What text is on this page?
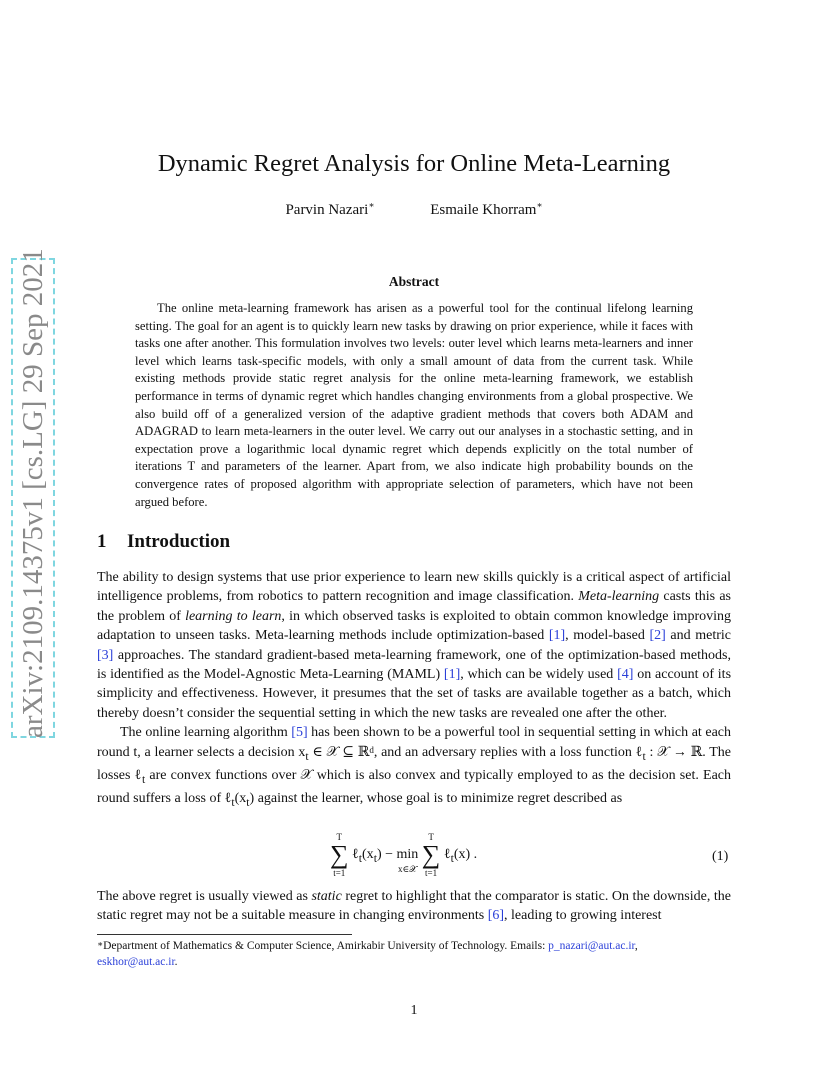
arXiv:2109.14375v1 [cs.LG] 29 Sep 2021
Dynamic Regret Analysis for Online Meta-Learning
Parvin Nazari∗	Esmaile Khorram∗
Abstract

The online meta-learning framework has arisen as a powerful tool for the continual lifelong learning setting. The goal for an agent is to quickly learn new tasks by drawing on prior experience, while it faces with tasks one after another. This formulation involves two levels: outer level which learns meta-learners and inner level which learns task-specific models, with only a small amount of data from the current task. While existing methods provide static regret analysis for the online meta-learning framework, we establish performance in terms of dynamic regret which handles changing environments from a global prospective. We also build off of a generalized version of the adaptive gradient methods that covers both ADAM and ADAGRAD to learn meta-learners in the outer level. We carry out our analyses in a stochastic setting, and in expectation prove a logarithmic local dynamic regret which depends explicitly on the total number of iterations T and parameters of the learner. Apart from, we also indicate high probability bounds on the convergence rates of proposed algorithm with appropriate selection of parameters, which have not been argued before.

1 Introduction

The ability to design systems that use prior experience to learn new skills quickly is a critical aspect of artificial intelligence problems, from robotics to pattern recognition and image classification. Meta-learning casts this as the problem of learning to learn, in which observed tasks is exploited to obtain common knowledge improving adaptation to unseen tasks. Meta-learning methods include optimization-based [1], model-based [2] and metric [3] approaches. The standard gradient-based meta-learning framework, one of the optimization-based methods, is identified as the Model-Agnostic Meta-Learning (MAML) [1], which can be widely used [4] on account of its simplicity and effectiveness. However, it presumes that the set of tasks are available together as a batch, which thereby doesn’t consider the sequential setting in which the new tasks are revealed one after the other.

The online learning algorithm [5] has been shown to be a powerful tool in sequential setting in which at each round t, a learner selects a decision $x_t$ ∈ 𝒳 ⊆ ℝ$^d$, and an adversary replies with a loss function ℓ$_t$ : 𝒳 → ℝ. The losses ℓ$_t$ are convex functions over 𝒳 which is also convex and typically employed to as the decision set. Each round suffers a loss of $\ell_t(x_t)$ against the learner, whose goal is to minimize regret described as

T
∑
t=1
$\ell_t(x_t)$ −
min
x∈𝒳

T
∑
t=1
ℓ$_t$(x) .	(1)

The above regret is usually viewed as static regret to highlight that the comparator is static. On the downside, the static regret may not be a suitable measure in changing environments [6], leading to growing interest

∗Department of Mathematics & Computer Science, Amirkabir University of Technology. Emails: p_nazari@aut.ac.ir,
eskhor@aut.ac.ir.
1
